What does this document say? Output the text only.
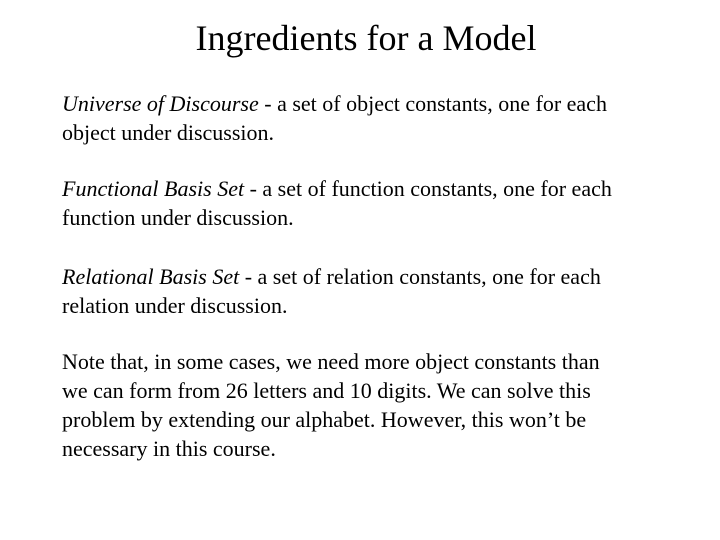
Ingredients for a Model
Universe of Discourse - a set of object constants, one for each
object under discussion.
Functional Basis Set - a set of function constants, one for each
function under discussion.
Relational Basis Set - a set of relation constants, one for each
relation under discussion.
Note that, in some cases, we need more object constants than
we can form from 26 letters and 10 digits. We can solve this
problem by extending our alphabet. However, this won’t be
necessary in this course.
